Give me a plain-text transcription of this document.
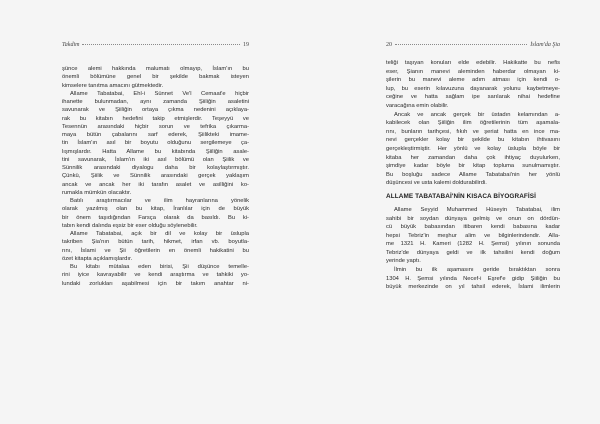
Takdim	19
şünce alemi hakkında malumatı olmayıp, İslam'ın bu
önemli bölümüne genel bir şekilde bakmak isteyen
kimselere tanıtma amacını gütmektedir.
Allame Tabatabai, Ehl-i Sünnet Ve'l Cemaat'e hiçbir
ihanette bulunmadan, aynı zamanda Şiiliğin asaletini
savunarak ve Şiiliğin ortaya çıkma nedenini açıklaya-
rak bu kitabın hedefini takip etmişlerdir. Teşeyyü ve
Tesennün arasındaki hiçbir sorun ve tefrika çıkarma-
maya bütün çabalarını sarf ederek, Şiilikteki imame-
tin İslam'ın asıl bir boyutu olduğunu sergilemeye ça-
lışmışlardır. Hatta Allame bu kitabında Şiiliğin asale-
tini savunarak, İslam'ın iki asıl bölümü olan Şiilik ve
Sünnilik arasındaki diyalogu daha bir kolaylaştırmıştır.
Çünkü, Şiilik ve Sünnilik arasındaki gerçek yaklaşım
ancak ve ancak her iki tarafın asalet ve asilliğini ko-
rumakla mümkün olacaktır.
Batılı araştırmacılar ve ilim hayranlarına yönelik
olarak yazılmış olan bu kitap, İranlılar için de büyük
bir önem taşıdığından Farsça olarak da basıldı. Bu ki-
tabın kendi dalında eşsiz bir eser olduğu söylenebilir.
Allame Tabatabai, açık bir dil ve kolay bir üslupla
takriben Şia'nın bütün tarih, hikmet, irfan vb. boyutla-
rını, İslami ve Şii öğretilerin en önemli hakikatini bu
özet kitapta açıklamışlardır.
Bu kitabı mütalaa eden birisi, Şii düşünce temelle-
rini iyice kavrayabilir ve kendi araştırma ve tahkiki yo-
lundaki zorlukları aşabilmesi için bir takım anahtar ni-
20	İslam'da Şia
teliği taşıyan konuları elde edebilir. Hakikatte bu nefis
eser, Şianın manevi aleminden haberdar olmayan ki-
şilerin bu manevi aleme adım atması için kendi o-
lup, bu eserin kılavuzuna dayanarak yolunu kaybetmeye-
ceğine ve hatta sağlam ipe sarılarak nihai hedefine
varacağına emin olabilir.
Ancak ve ancak gerçek bir üstadın kelamından a-
kabilecek olan Şiiliğin ilim öğretilerinin tüm aşamala-
rını, bunların tarihçesi, fıkıh ve şeriat hatta en ince ma-
nevi gerçekler kolay bir şekilde bu kitabın ihtivasını
gerçekleştirmiştir. Her yönlü ve kolay üslupla böyle bir
kitaba her zamandan daha çok ihtiyaç duyulurken,
şimdiye kadar böyle bir kitap topluma sunulmamıştır.
Bu boşluğu sadece Allame Tabatabai'nin her yönlü
düşüncesi ve usta kalemi doldurabilirdi.
ALLAME TABATABAİ'NİN KISACA BİYOGRAFİSİ
Allame Seyyid Muhammed Hüseyin Tabatabai, ilim
sahibi bir soydan dünyaya gelmiş ve onun on dördün-
cü büyük babasından itibaren kendi babasına kadar
hepsi Tebriz'in meşhur alim ve bilginlerindendir. Alla-
me 1321 H. Kameri (1282 H. Şemsi) yılının sonunda
Tebriz'de dünyaya geldi ve ilk tahsilini kendi doğum
yerinde yaptı.
İlmin bu ilk aşamasını geride bıraktıktan sonra
1304 H. Şemsi yılında Necef-i Eşref'e gidip Şiiliğin bu
büyük merkezinde on yıl tahsil ederek, İslami ilimlerin
